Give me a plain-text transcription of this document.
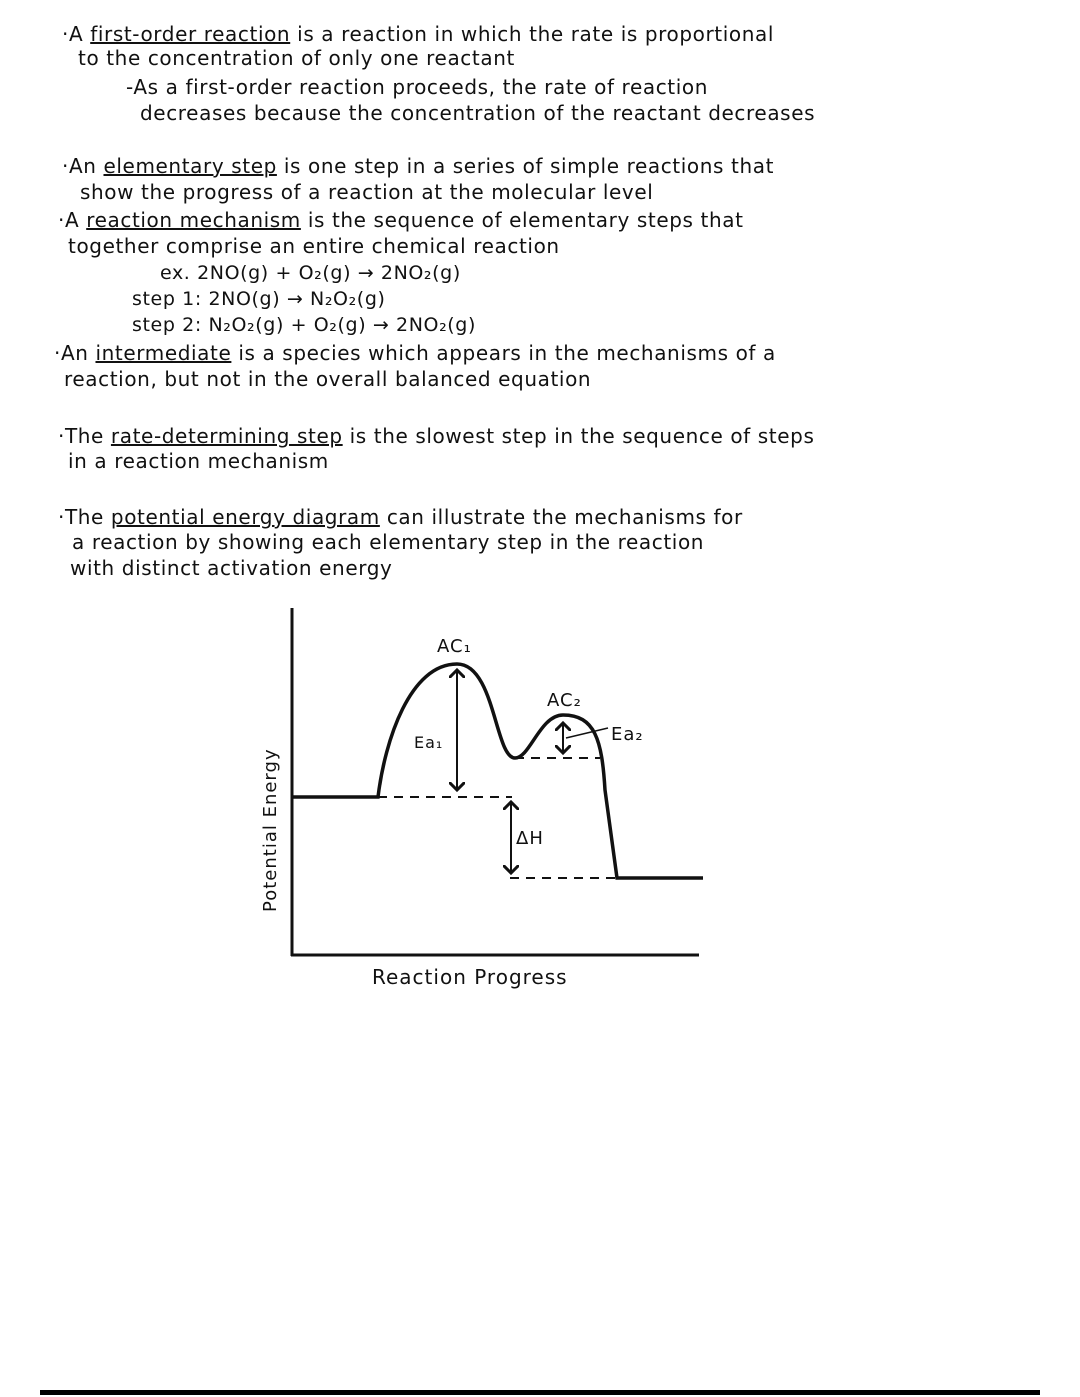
·A first-order reaction is a reaction in which the rate is proportional
to the concentration of only one reactant
-As a first-order reaction proceeds, the rate of reaction
decreases because the concentration of the reactant decreases
·An elementary step is one step in a series of simple reactions that
show the progress of a reaction at the molecular level
·A reaction mechanism is the sequence of elementary steps that
together comprise an entire chemical reaction
ex. 2NO(g) + O₂(g) → 2NO₂(g)
step 1: 2NO(g) → N₂O₂(g)
step 2: N₂O₂(g) + O₂(g) → 2NO₂(g)
·An intermediate is a species which appears in the mechanisms of a
reaction, but not in the overall balanced equation
·The rate-determining step is the slowest step in the sequence of steps
in a reaction mechanism
·The potential energy diagram can illustrate the mechanisms for
a reaction by showing each elementary step in the reaction
with distinct activation energy
AC₁
AC₂
Ea₁	Ea₂
ΔH
Potential Energy
Reaction Progress
